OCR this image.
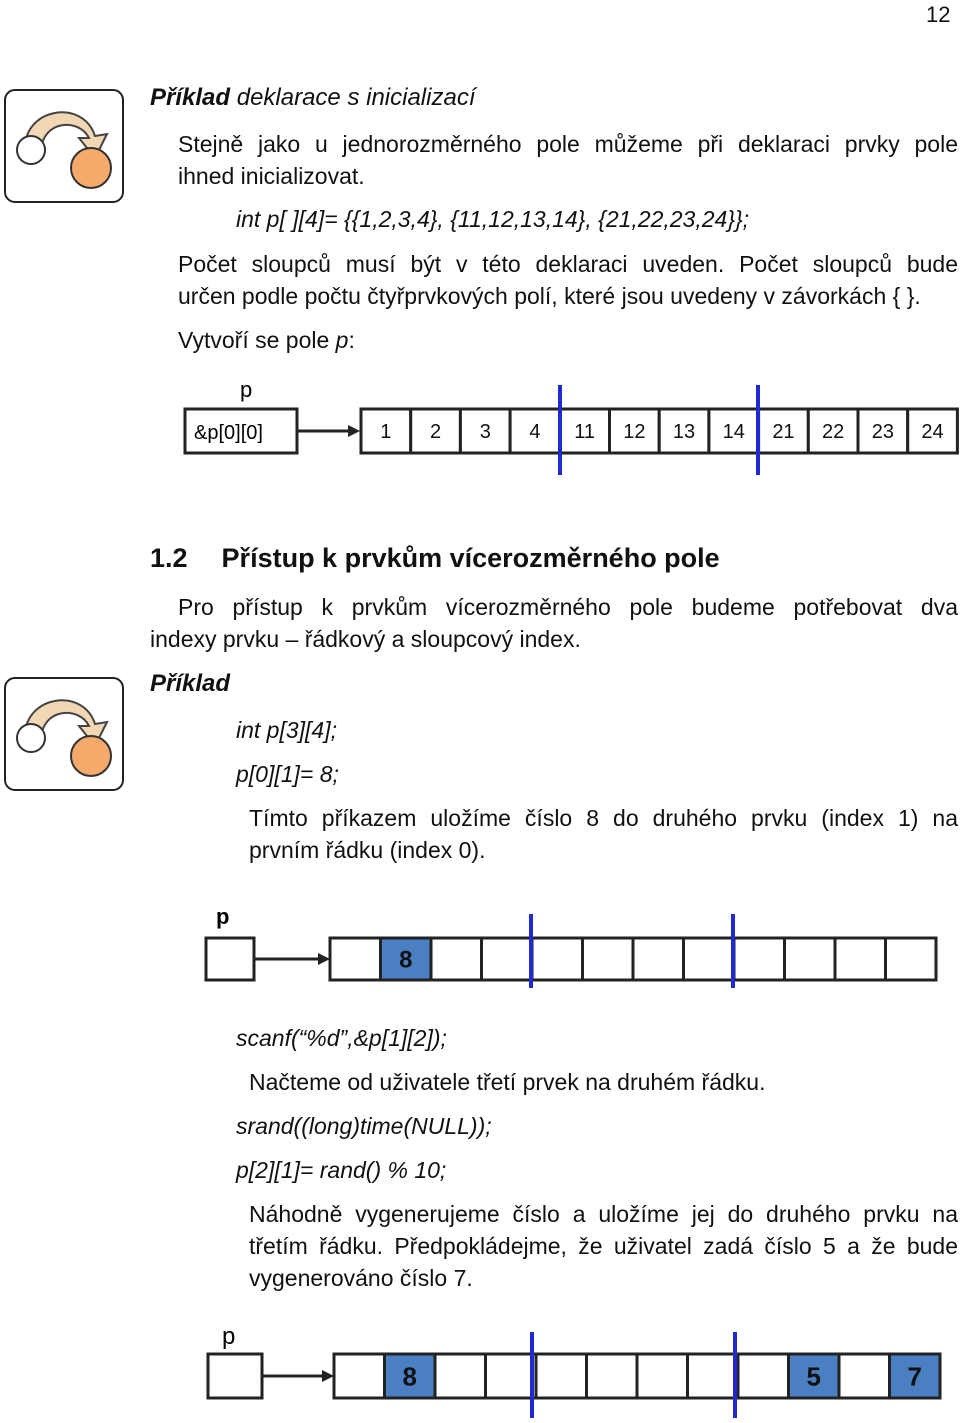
12
Příklad deklarace s inicializací
Stejně jako u jednorozměrného pole můžeme při deklaraci prvky pole
ihned inicializovat.
int p[ ][4]= {{1,2,3,4}, {11,12,13,14}, {21,22,23,24}};
Počet sloupců musí být v této deklaraci uveden. Počet sloupců bude
určen podle počtu čtyřprvkových polí, které jsou uvedeny v závorkách { }.
Vytvoří se pole p:
p
&p[0][0]	1 2 3 4 11 12 13 14 21 22 23 24
1.2 Přístup k prvkům vícerozměrného pole
Pro přístup k prvkům vícerozměrného pole budeme potřebovat dva
indexy prvku – řádkový a sloupcový index.
Příklad
int p[3][4];
p[0][1]= 8;
Tímto příkazem uložíme číslo 8 do druhého prvku (index 1) na
prvním řádku (index 0).
p
8
scanf(“%d”,&p[1][2]);
Načteme od uživatele třetí prvek na druhém řádku.
srand((long)time(NULL));
p[2][1]= rand() % 10;
Náhodně vygenerujeme číslo a uložíme jej do druhého prvku na
třetím řádku. Předpokládejme, že uživatel zadá číslo 5 a že bude
vygenerováno číslo 7.
p
8	5	7
